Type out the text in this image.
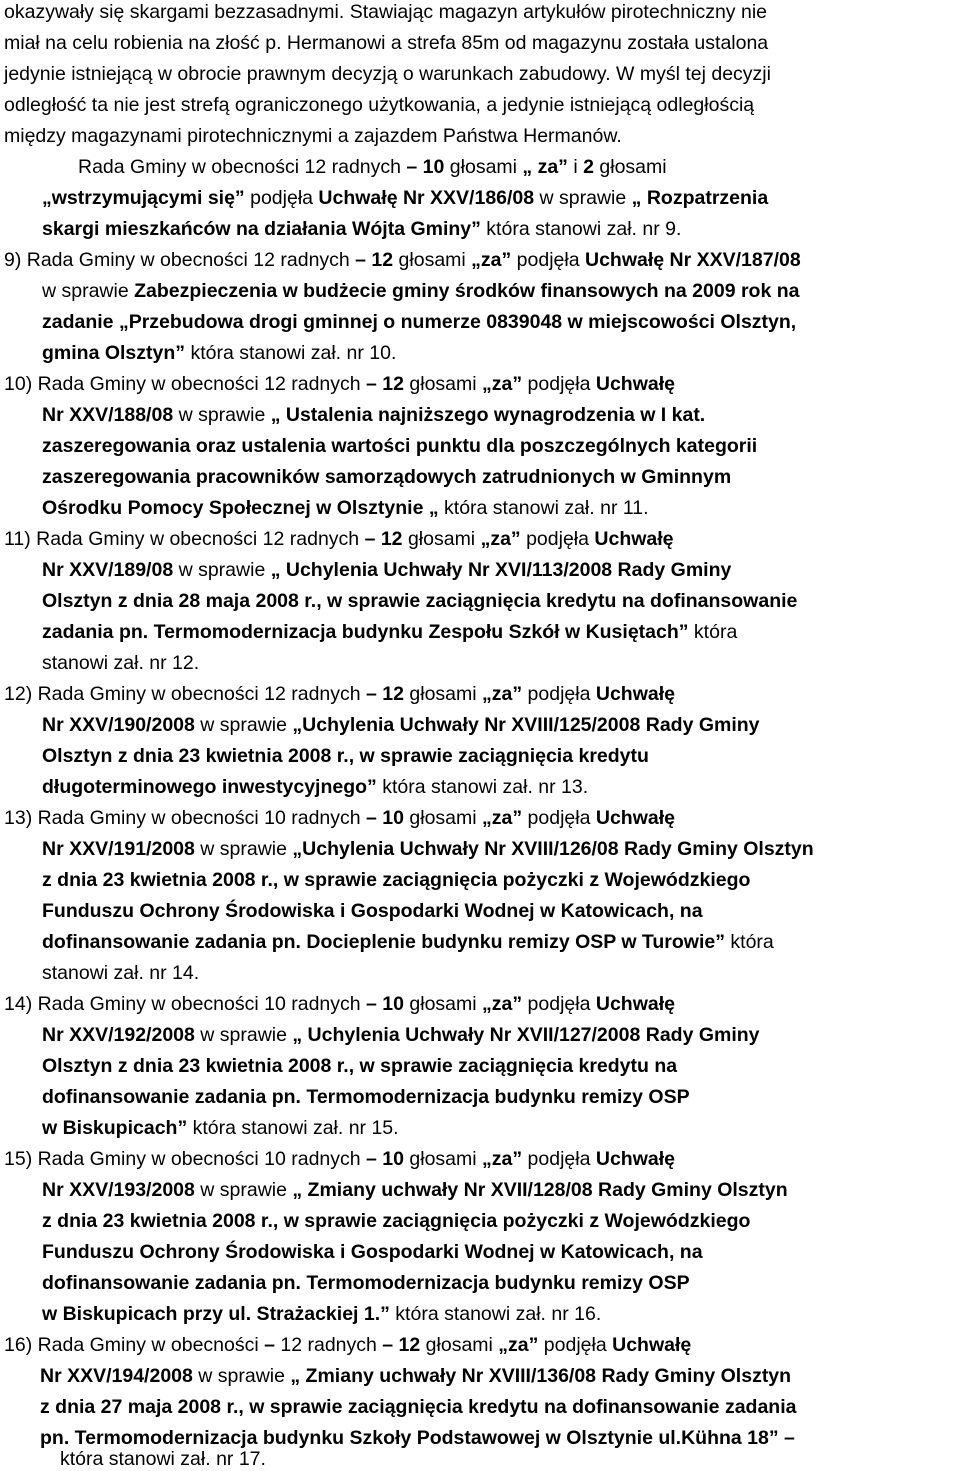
okazywały się skargami bezzasadnymi. Stawiając magazyn artykułów pirotechniczny nie
miał na celu robienia na złość p. Hermanowi a strefa 85m od magazynu została ustalona
jedynie istniejącą w obrocie prawnym decyzją o warunkach zabudowy. W myśl tej decyzji
odległość ta nie jest strefą ograniczonego użytkowania, a jedynie istniejącą odległością
między magazynami pirotechnicznymi a zajazdem Państwa Hermanów.
Rada Gminy w obecności 12 radnych – 10 głosami „ za” i 2 głosami
„wstrzymującymi się” podjęła Uchwałę Nr XXV/186/08 w sprawie „ Rozpatrzenia
skargi mieszkańców na działania Wójta Gminy” która stanowi zał. nr 9.
9) Rada Gminy w obecności 12 radnych – 12 głosami „za” podjęła Uchwałę Nr XXV/187/08
w sprawie Zabezpieczenia w budżecie gminy środków finansowych na 2009 rok na
zadanie „Przebudowa drogi gminnej o numerze 0839048 w miejscowości Olsztyn,
gmina Olsztyn” która stanowi zał. nr 10.
10) Rada Gminy w obecności 12 radnych – 12 głosami „za” podjęła Uchwałę
Nr XXV/188/08 w sprawie „ Ustalenia najniższego wynagrodzenia w I kat.
zaszeregowania oraz ustalenia wartości punktu dla poszczególnych kategorii
zaszeregowania pracowników samorządowych zatrudnionych w Gminnym
Ośrodku Pomocy Społecznej w Olsztynie „ która stanowi zał. nr 11.
11) Rada Gminy w obecności 12 radnych – 12 głosami „za” podjęła Uchwałę
Nr XXV/189/08 w sprawie „ Uchylenia Uchwały Nr XVI/113/2008 Rady Gminy
Olsztyn z dnia 28 maja 2008 r., w sprawie zaciągnięcia kredytu na dofinansowanie
zadania pn. Termomodernizacja budynku Zespołu Szkół w Kusiętach” która
stanowi zał. nr 12.
12) Rada Gminy w obecności 12 radnych – 12 głosami „za” podjęła Uchwałę
Nr XXV/190/2008 w sprawie „Uchylenia Uchwały Nr XVIII/125/2008 Rady Gminy
Olsztyn z dnia 23 kwietnia 2008 r., w sprawie zaciągnięcia kredytu
długoterminowego inwestycyjnego” która stanowi zał. nr 13.
13) Rada Gminy w obecności 10 radnych – 10 głosami „za” podjęła Uchwałę
Nr XXV/191/2008 w sprawie „Uchylenia Uchwały Nr XVIII/126/08 Rady Gminy Olsztyn
z dnia 23 kwietnia 2008 r., w sprawie zaciągnięcia pożyczki z Wojewódzkiego
Funduszu Ochrony Środowiska i Gospodarki Wodnej w Katowicach, na
dofinansowanie zadania pn. Docieplenie budynku remizy OSP w Turowie” która
stanowi zał. nr 14.
14) Rada Gminy w obecności 10 radnych – 10 głosami „za” podjęła Uchwałę
Nr XXV/192/2008 w sprawie „ Uchylenia Uchwały Nr XVII/127/2008 Rady Gminy
Olsztyn z dnia 23 kwietnia 2008 r., w sprawie zaciągnięcia kredytu na
dofinansowanie zadania pn. Termomodernizacja budynku remizy OSP
w Biskupicach” która stanowi zał. nr 15.
15) Rada Gminy w obecności 10 radnych – 10 głosami „za” podjęła Uchwałę
Nr XXV/193/2008 w sprawie „ Zmiany uchwały Nr XVII/128/08 Rady Gminy Olsztyn
z dnia 23 kwietnia 2008 r., w sprawie zaciągnięcia pożyczki z Wojewódzkiego
Funduszu Ochrony Środowiska i Gospodarki Wodnej w Katowicach, na
dofinansowanie zadania pn. Termomodernizacja budynku remizy OSP
w Biskupicach przy ul. Strażackiej 1.” która stanowi zał. nr 16.
16) Rada Gminy w obecności – 12 radnych – 12 głosami „za” podjęła Uchwałę
Nr XXV/194/2008 w sprawie „ Zmiany uchwały Nr XVIII/136/08 Rady Gminy Olsztyn
z dnia 27 maja 2008 r., w sprawie zaciągnięcia kredytu na dofinansowanie zadania
pn. Termomodernizacja budynku Szkoły Podstawowej w Olsztynie ul.Kühna 18” –
która stanowi zał. nr 17.
